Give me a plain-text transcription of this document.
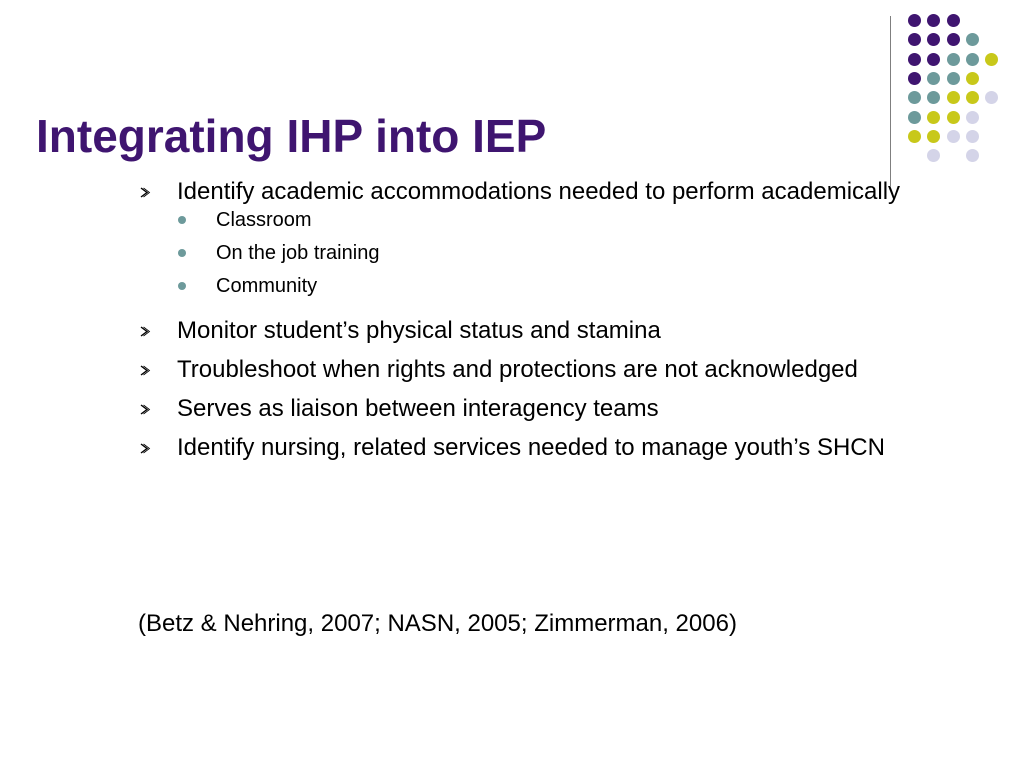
Integrating IHP into IEP
Identify academic accommodations needed to perform academically
Classroom
On the job training
Community
Monitor student’s physical status and stamina
Troubleshoot when rights and protections are not acknowledged
Serves as liaison between interagency teams
Identify nursing, related services needed to manage youth’s SHCN
(Betz & Nehring, 2007; NASN, 2005; Zimmerman, 2006)
